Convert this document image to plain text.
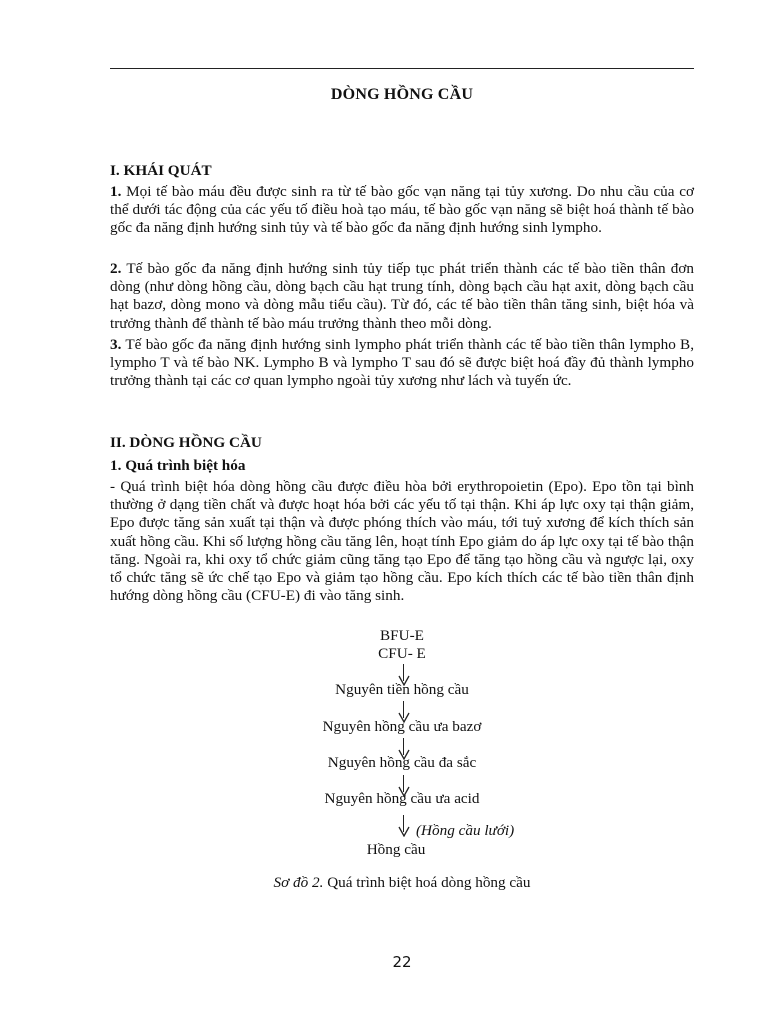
DÒNG HỒNG CẦU
I. KHÁI QUÁT
1. Mọi tế bào máu đều được sinh ra từ tế bào gốc vạn năng tại tủy xương. Do nhu cầu của cơ thể dưới tác động của các yếu tố điều hoà tạo máu, tế bào gốc vạn năng sẽ biệt hoá thành tế bào gốc đa năng định hướng sinh tủy và tế bào gốc đa năng định hướng sinh lympho.
2. Tế bào gốc đa năng định hướng sinh tủy tiếp tục phát triển thành các tế bào tiền thân đơn dòng (như dòng hồng cầu, dòng bạch cầu hạt trung tính, dòng bạch cầu hạt axit, dòng bạch cầu hạt bazơ, dòng mono và dòng mẫu tiểu cầu). Từ đó, các tế bào tiền thân tăng sinh, biệt hóa và trưởng thành để thành tế bào máu trưởng thành theo mỗi dòng.
3. Tế bào gốc đa năng định hướng sinh lympho phát triển thành các tế bào tiền thân lympho B, lympho T và tế bào NK. Lympho B và lympho T sau đó sẽ được biệt hoá đầy đủ thành lympho trưởng thành tại các cơ quan lympho ngoài tủy xương như lách và tuyến ức.
II. DÒNG HỒNG CẦU
1. Quá trình biệt hóa
- Quá trình biệt hóa dòng hồng cầu được điều hòa bởi erythropoietin (Epo). Epo tồn tại bình thường ở dạng tiền chất và được hoạt hóa bởi các yếu tố tại thận. Khi áp lực oxy tại thận giảm, Epo được tăng sản xuất tại thận và được phóng thích vào máu, tới tuỷ xương để kích thích sản xuất hồng cầu. Khi số lượng hồng cầu tăng lên, hoạt tính Epo giảm do áp lực oxy tại tế bào thận tăng. Ngoài ra, khi oxy tổ chức giảm cũng tăng tạo Epo để tăng tạo hồng cầu và ngược lại, oxy tổ chức tăng sẽ ức chế tạo Epo và giảm tạo hồng cầu. Epo kích thích các tế bào tiền thân định hướng dòng hồng cầu (CFU-E) đi vào tăng sinh.
BFU-E
CFU- E
Nguyên tiền hồng cầu
Nguyên hồng cầu ưa bazơ
Nguyên hồng cầu đa sắc
Nguyên hồng cầu ưa acid
(Hồng cầu lưới)
Hồng cầu
Sơ đồ 2. Quá trình biệt hoá dòng hồng cầu
22
